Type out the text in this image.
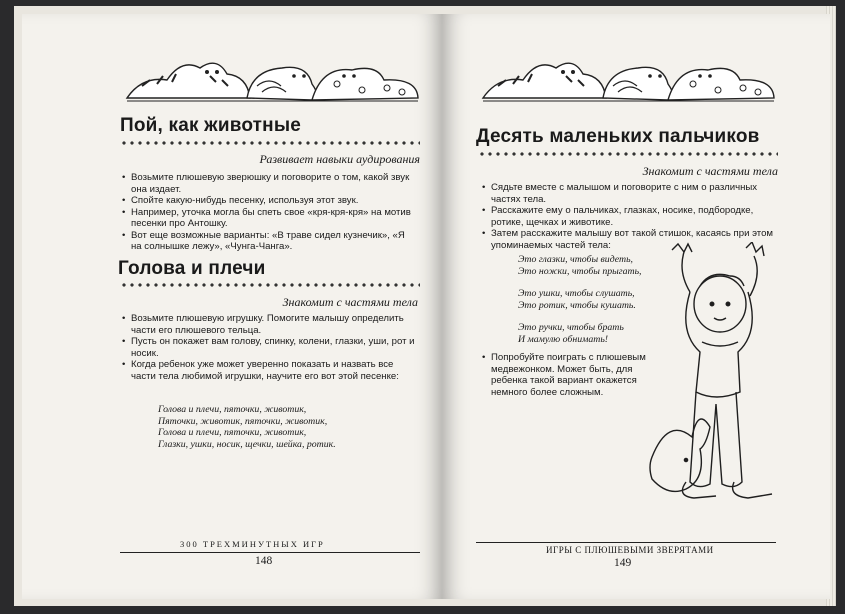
Пой, как животные
Развивает навыки аудирования
• Возьмите плюшевую зверюшку и поговорите о том, какой звук она издает.
• Спойте какую-нибудь песенку, используя этот звук.
• Например, уточка могла бы спеть свое «кря-кря-кря» на мотив песенки про Антошку.
• Вот еще возможные варианты: «В траве сидел кузнечик», «Я на солнышке лежу», «Чунга-Чанга».
Голова и плечи
Знакомит с частями тела
• Возьмите плюшевую игрушку. Помогите малышу определить части его плюшевого тельца.
• Пусть он покажет вам голову, спинку, колени, глазки, уши, рот и носик.
• Когда ребенок уже может уверенно показать и назвать все части тела любимой игрушки, научите его вот этой песенке:
Голова и плечи, пяточки, животик,
Пяточки, животик, пяточки, животик,
Голова и плечи, пяточки, животик,
Глазки, ушки, носик, щечки, шейка, ротик.
300 ТРЕХМИНУТНЫХ ИГР
148
Десять маленьких пальчиков
Знакомит с частями тела
• Сядьте вместе с малышом и поговорите с ним о различных частях тела.
• Расскажите ему о пальчиках, глазках, носике, подбородке, ротике, щечках и животике.
• Затем расскажите малышу вот такой стишок, касаясь при этом упоминаемых частей тела:
Это глазки, чтобы видеть,
Это ножки, чтобы прыгать,
Это ушки, чтобы слушать,
Это ротик, чтобы кушать.
Это ручки, чтобы брать
И мамулю обнимать!
• Попробуйте поиграть с плюшевым медвежонком. Может быть, для ребенка такой вариант окажется немного более сложным.
ИГРЫ С ПЛЮШЕВЫМИ ЗВЕРЯТАМИ
149
